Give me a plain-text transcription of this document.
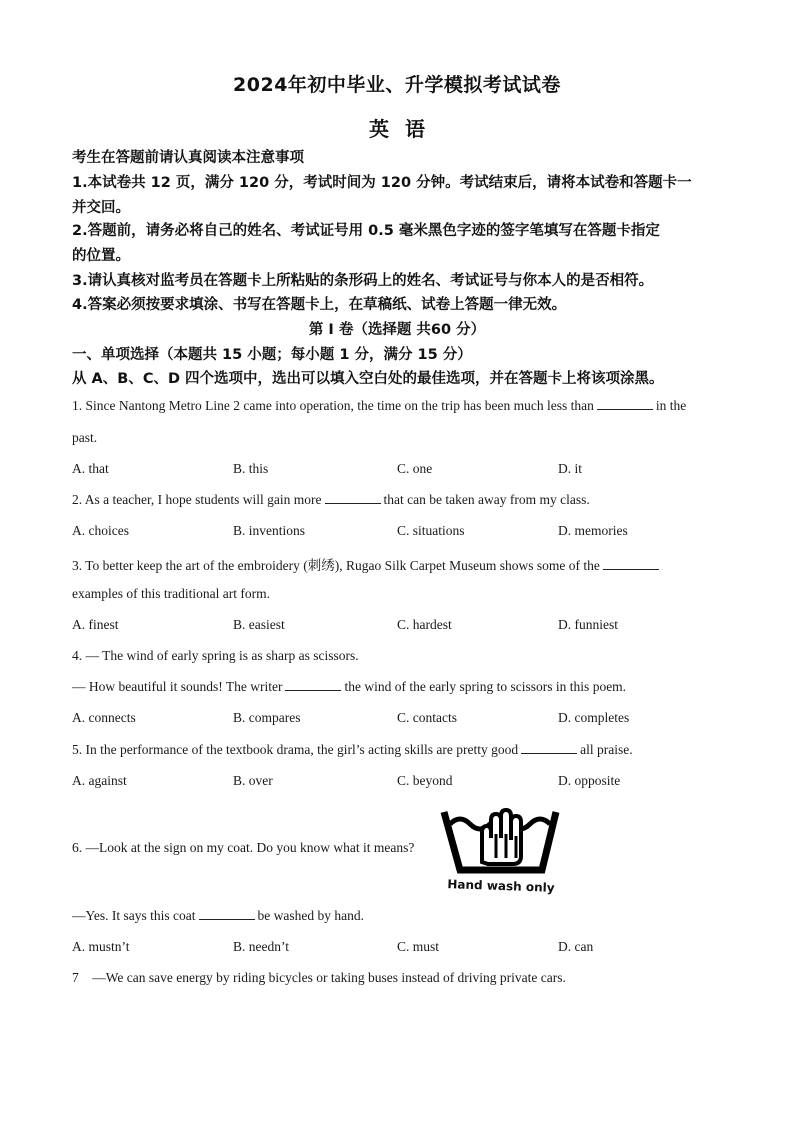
2024年初中毕业、升学模拟考试试卷
英语
考生在答题前请认真阅读本注意事项
1.本试卷共 12 页，满分 120 分，考试时间为 120 分钟。考试结束后，请将本试卷和答题卡一
并交回。
2.答题前，请务必将自己的姓名、考试证号用 0.5 毫米黑色字迹的签字笔填写在答题卡指定
的位置。
3.请认真核对监考员在答题卡上所粘贴的条形码上的姓名、考试证号与你本人的是否相符。
4.答案必须按要求填涂、书写在答题卡上，在草稿纸、试卷上答题一律无效。
第 I 卷（选择题 共60 分）
一、单项选择（本题共 15 小题；每小题 1 分，满分 15 分）
从 A、B、C、D 四个选项中，选出可以填入空白处的最佳选项，并在答题卡上将该项涂黑。
1. Since Nantong Metro Line 2 came into operation, the time on the trip has been much less than	in the
past.
A. that	B. this	C. one	D. it
2. As a teacher, I hope students will gain more	that can be taken away from my class.
A. choices	B. inventions	C. situations	D. memories
3. To better keep the art of the embroidery (刺绣), Rugao Silk Carpet Museum shows some of the
examples of this traditional art form.
A. finest	B. easiest	C. hardest	D. funniest
4. — The wind of early spring is as sharp as scissors.
— How beautiful it sounds! The writer	the wind of the early spring to scissors in this poem.
A. connects	B. compares	C. contacts	D. completes
5. In the performance of the textbook drama, the girl’s acting skills are pretty good	all praise.
A. against	B. over	C. beyond	D. opposite
6. —Look at the sign on my coat. Do you know what it means?
Hand wash only
—Yes. It says this coat	be washed by hand.
A. mustn’t	B. needn’t	C. must	D. can
7    —We can save energy by riding bicycles or taking buses instead of driving private cars.
